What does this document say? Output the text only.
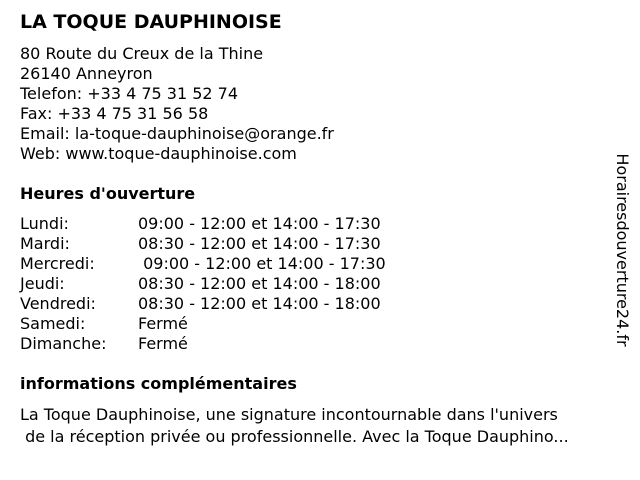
LA TOQUE DAUPHINOISE
80 Route du Creux de la Thine
26140 Anneyron
Telefon: +33 4 75 31 52 74
Fax: +33 4 75 31 56 58
Email: la-toque-dauphinoise@orange.fr
Web: www.toque-dauphinoise.com
Heures d'ouverture
Lundi:	09:00 - 12:00 et 14:00 - 17:30
Mardi:	08:30 - 12:00 et 14:00 - 17:30
Mercredi:	09:00 - 12:00 et 14:00 - 17:30
Jeudi:	08:30 - 12:00 et 14:00 - 18:00
Vendredi:	08:30 - 12:00 et 14:00 - 18:00
Samedi:	Fermé
Dimanche: Fermé
informations complémentaires
La Toque Dauphinoise, une signature incontournable dans l'univers
de la réception privée ou professionnelle. Avec la Toque Dauphino...
Horairesdouverture24.fr
